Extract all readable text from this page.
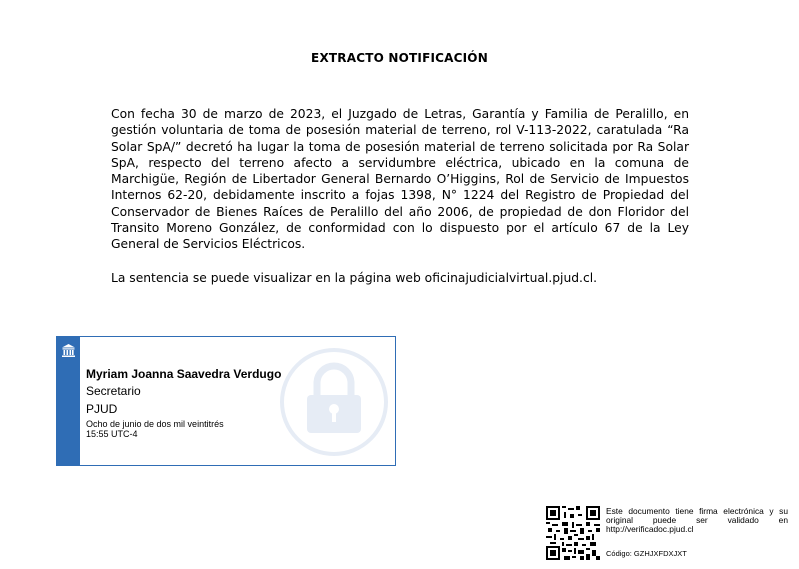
EXTRACTO NOTIFICACIÓN

Con fecha 30 de marzo de 2023, el Juzgado de Letras, Garantía y Familia de Peralillo, en gestión voluntaria de toma de posesión material de terreno, rol V-113-2022, caratulada “Ra Solar SpA/” decretó ha lugar la toma de posesión material de terreno solicitada por Ra Solar SpA, respecto del terreno afecto a servidumbre eléctrica, ubicado en la comuna de Marchigüe, Región de Libertador General Bernardo O’Higgins, Rol de Servicio de Impuestos Internos 62-20, debidamente inscrito a fojas 1398, N° 1224 del Registro de Propiedad del Conservador de Bienes Raíces de Peralillo del año 2006, de propiedad de don Floridor del Transito Moreno González, de conformidad con lo dispuesto por el artículo 67 de la Ley General de Servicios Eléctricos.

La sentencia se puede visualizar en la página web oficinajudicialvirtual.pjud.cl.

Myriam Joanna Saavedra Verdugo
Secretario
PJUD
Ocho de junio de dos mil veintitrés
15:55 UTC-4

Este documento tiene firma electrónica y su original puede ser validado en http://verificadoc.pjud.cl

Código: GZHJXFDXJXT
